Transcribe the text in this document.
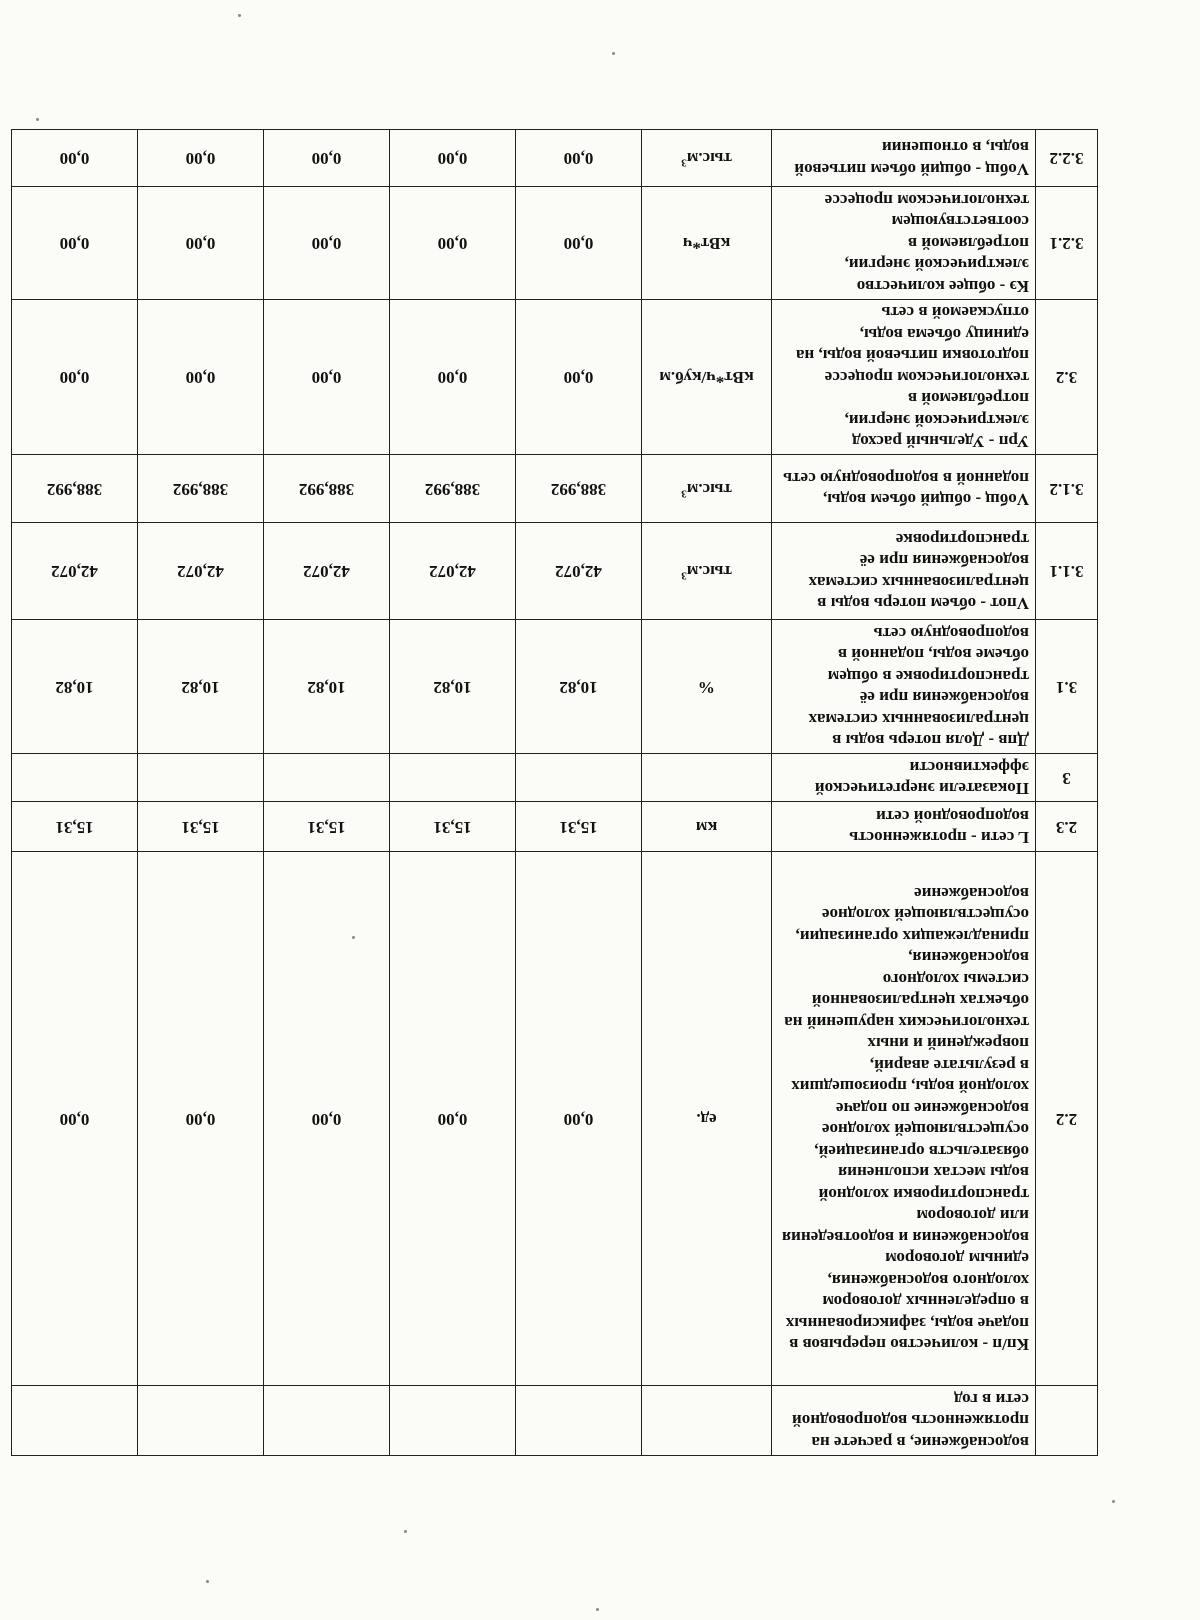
	водоснабжение, в расчете на протяженность водопроводной сети в год						
2.2	Кп/п - количество перерывов в подаче воды, зафиксированных в определенных договором холодного водоснабжения, единым договором водоснабжения и водоотведения или договором транспортировки холодной воды местах исполнения обязательств организацией, осуществляющей холодное водоснабжение по подаче холодной воды, произошедших в результате аварий, повреждений и иных технологических нарушений на объектах централизованной системы холодного водоснабжения, принадлежащих организации, осуществляющей холодное водоснабжение	ед.	0,00	0,00	0,00	0,00	0,00
2.3	L сети - протяженность водопроводной сети	км	15,31	15,31	15,31	15,31	15,31
3	Показатели энергетической эффективности						
3.1	Дпв - Доля потерь воды в централизованных системах водоснабжения при её транспортировке в общем объеме воды, поданной в водопроводную сеть	%	10,82	10,82	10,82	10,82	10,82
3.1.1	Vпот - объем потерь воды в централизованных системах водоснабжения при её транспортировке	$тыс.м^3$	42,072	42,072	42,072	42,072	42,072
3.1.2	Vобщ - общий объем воды, поданной в водопроводную сеть	$тыс.м^3$	388,992	388,992	388,992	388,992	388,992
3.2	Урп - Удельный расход электрической энергии, потребляемой в технологическом процессе подготовки питьевой воды, на единицу объема воды, отпускаемой в сеть	кВт*ч/куб.м	0,00	0,00	0,00	0,00	0,00
3.2.1	Кэ - общее количество электрической энергии, потребляемой в соответствующем технологическом процессе	кВт*ч	0,00	0,00	0,00	0,00	0,00
3.2.2	Vобщ - общий объем питьевой воды, в отношении	$тыс.м^3$	0,00	0,00	0,00	0,00	0,00
